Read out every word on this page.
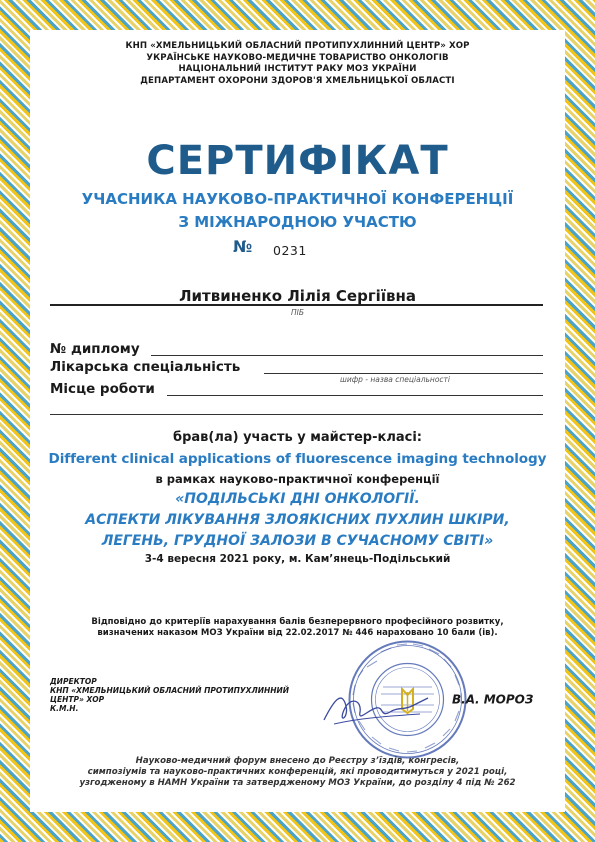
КНП «ХМЕЛЬНИЦЬКИЙ ОБЛАСНИЙ ПРОТИПУХЛИННИЙ ЦЕНТР» ХОР
УКРАЇНСЬКЕ НАУКОВО-МЕДИЧНЕ ТОВАРИСТВО ОНКОЛОГІВ
НАЦІОНАЛЬНИЙ ІНСТИТУТ РАКУ МОЗ УКРАЇНИ
ДЕПАРТАМЕНТ ОХОРОНИ ЗДОРОВ'Я ХМЕЛЬНИЦЬКОЇ ОБЛАСТІ
СЕРТИФІКАТ
УЧАСНИКА НАУКОВО-ПРАКТИЧНОЇ КОНФЕРЕНЦІЇ
З МІЖНАРОДНОЮ УЧАСТЮ
№ 0231
Литвиненко Лілія Сергіївна
ПІБ
№ диплому
Лікарська спеціальність
шифр - назва спеціальності
Місце роботи
брав(ла) участь у майстер-класі:
Different clinical applications of fluorescence imaging technology
в рамках науково-практичної конференції
«ПОДІЛЬСЬКІ ДНІ ОНКОЛОГІЇ.
АСПЕКТИ ЛІКУВАННЯ ЗЛОЯКІСНИХ ПУХЛИН ШКІРИ,
ЛЕГЕНЬ, ГРУДНОЇ ЗАЛОЗИ В СУЧАСНОМУ СВІТІ»
3-4 вересня 2021 року, м. Кам’янець-Подільський
Відповідно до критеріїв нарахування балів безперервного професійного розвитку,
визначених наказом МОЗ України від 22.02.2017 № 446 нараховано 10 бали (ів).
ДИРЕКТОР
КНП «ХМЕЛЬНИЦЬКИЙ ОБЛАСНИЙ ПРОТИПУХЛИННИЙ
ЦЕНТР» ХОР
К.М.Н.
В.А. МОРОЗ
Науково-медичний форум внесено до Реєстру з’їздів, конгресів,
симпозіумів та науково-практичних конференцій, які проводитимуться у 2021 році,
узгодженому в НАМН України та затвердженому МОЗ України, до розділу 4 під № 262
